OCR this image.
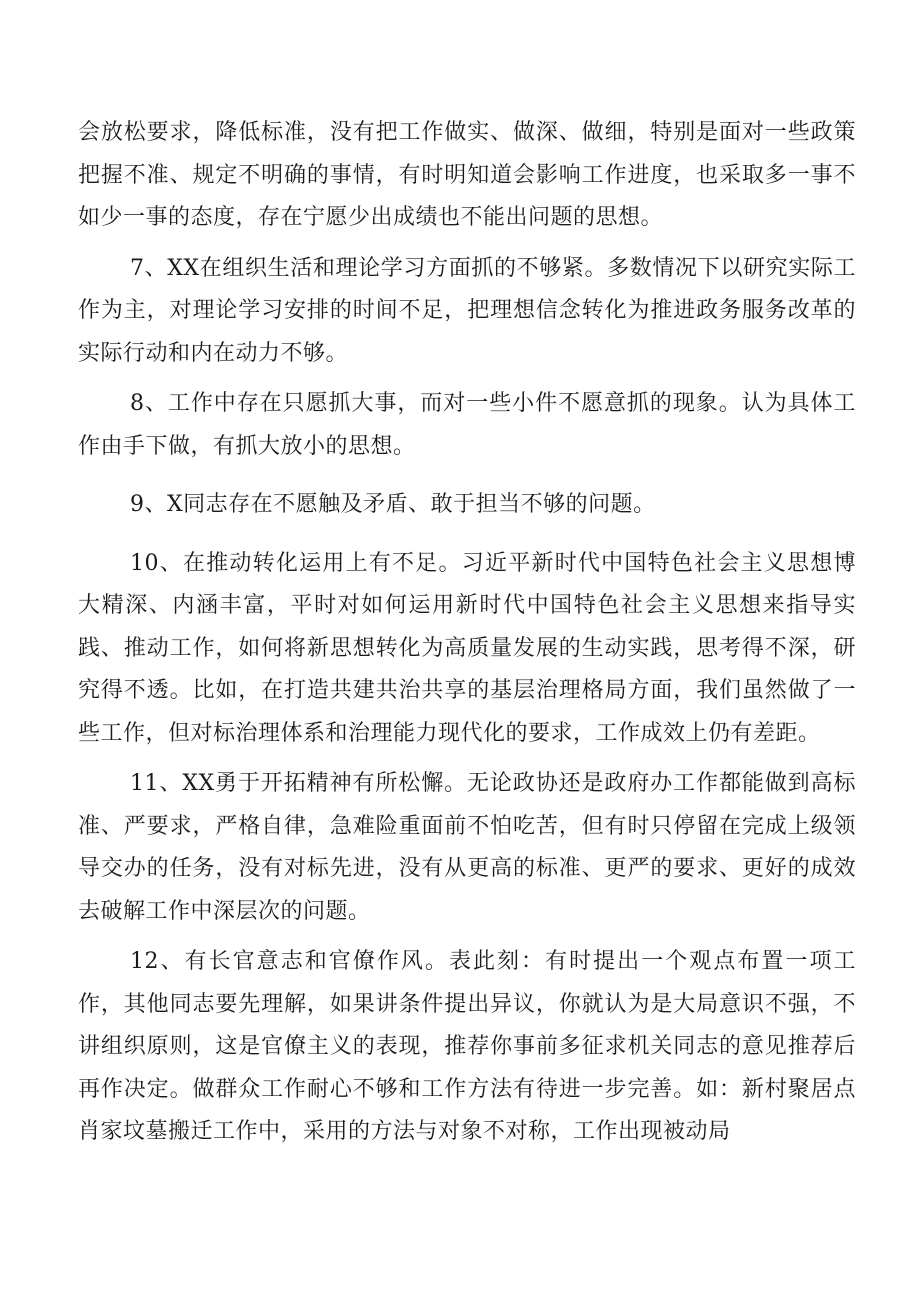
会放松要求，降低标准，没有把工作做实、做深、做细，特别是面对一些政策把握不准、规定不明确的事情，有时明知道会影响工作进度，也采取多一事不如少一事的态度，存在宁愿少出成绩也不能出问题的思想。

7、XX在组织生活和理论学习方面抓的不够紧。多数情况下以研究实际工作为主，对理论学习安排的时间不足，把理想信念转化为推进政务服务改革的实际行动和内在动力不够。

8、工作中存在只愿抓大事，而对一些小件不愿意抓的现象。认为具体工作由手下做，有抓大放小的思想。

9、X同志存在不愿触及矛盾、敢于担当不够的问题。

10、在推动转化运用上有不足。习近平新时代中国特色社会主义思想博大精深、内涵丰富，平时对如何运用新时代中国特色社会主义思想来指导实践、推动工作，如何将新思想转化为高质量发展的生动实践，思考得不深，研究得不透。比如，在打造共建共治共享的基层治理格局方面，我们虽然做了一些工作，但对标治理体系和治理能力现代化的要求，工作成效上仍有差距。

11、XX勇于开拓精神有所松懈。无论政协还是政府办工作都能做到高标准、严要求，严格自律，急难险重面前不怕吃苦，但有时只停留在完成上级领导交办的任务，没有对标先进，没有从更高的标准、更严的要求、更好的成效去破解工作中深层次的问题。

12、有长官意志和官僚作风。表此刻：有时提出一个观点布置一项工作，其他同志要先理解，如果讲条件提出异议，你就认为是大局意识不强，不讲组织原则，这是官僚主义的表现，推荐你事前多征求机关同志的意见推荐后再作决定。做群众工作耐心不够和工作方法有待进一步完善。如：新村聚居点肖家坟墓搬迁工作中，采用的方法与对象不对称，工作出现被动局
